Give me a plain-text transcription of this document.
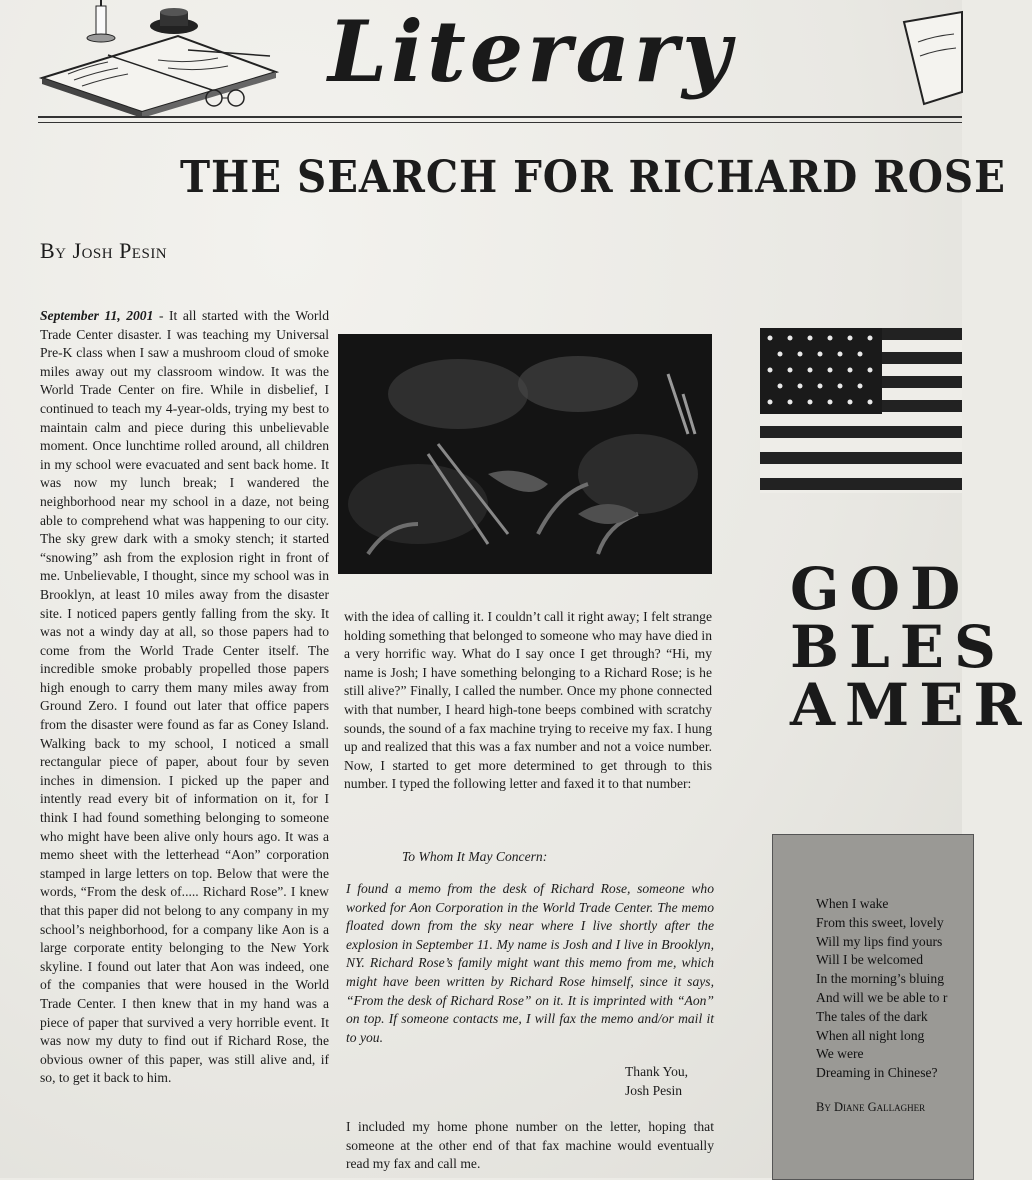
Literary
THE SEARCH FOR RICHARD ROSE
By Josh Pesin
September 11, 2001 - It all started with the World Trade Center disaster. I was teaching my Universal Pre-K class when I saw a mushroom cloud of smoke miles away out my classroom window. It was the World Trade Center on fire. While in disbelief, I continued to teach my 4-year-olds, trying my best to maintain calm and piece during this unbelievable moment. Once lunchtime rolled around, all children in my school were evacuated and sent back home. It was now my lunch break; I wandered the neighborhood near my school in a daze, not being able to comprehend what was happening to our city. The sky grew dark with a smoky stench; it started “snowing” ash from the explosion right in front of me. Unbelievable, I thought, since my school was in Brooklyn, at least 10 miles away from the disaster site. I noticed papers gently falling from the sky. It was not a windy day at all, so those papers had to come from the World Trade Center itself. The incredible smoke probably propelled those papers high enough to carry them many miles away from Ground Zero. I found out later that office papers from the disaster were found as far as Coney Island. Walking back to my school, I noticed a small rectangular piece of paper, about four by seven inches in dimension. I picked up the paper and intently read every bit of information on it, for I think I had found something belonging to someone who might have been alive only hours ago. It was a memo sheet with the letterhead “Aon” corporation stamped in large letters on top. Below that were the words, “From the desk of..... Richard Rose”. I knew that this paper did not belong to any company in my school’s neighborhood, for a company like Aon is a large corporate entity belonging to the New York skyline. I found out later that Aon was indeed, one of the companies that were housed in the World Trade Center. I then knew that in my hand was a piece of paper that survived a very horrible event. It was now my duty to find out if Richard Rose, the obvious owner of this paper, was still alive and, if so, to get it back to him.
with the idea of calling it. I couldn’t call it right away; I felt strange holding something that belonged to someone who may have died in a very horrific way. What do I say once I get through? “Hi, my name is Josh; I have something belonging to a Richard Rose; is he still alive?” Finally, I called the number. Once my phone connected with that number, I heard high-tone beeps combined with scratchy sounds, the sound of a fax machine trying to receive my fax. I hung up and realized that this was a fax number and not a voice number. Now, I started to get more determined to get through to this number. I typed the following letter and faxed it to that number:
To Whom It May Concern:
I found a memo from the desk of Richard Rose, someone who worked for Aon Corporation in the World Trade Center. The memo floated down from the sky near where I live shortly after the explosion in September 11. My name is Josh and I live in Brooklyn, NY. Richard Rose’s family might want this memo from me, which might have been written by Richard Rose himself, since it says, “From the desk of Richard Rose” on it. It is imprinted with “Aon” on top. If someone contacts me, I will fax the memo and/or mail it to you.
Thank You,
Josh Pesin
I included my home phone number on the letter, hoping that someone at the other end of that fax machine would eventually read my fax and call me.
GOD
BLES
AMER
When I wake
From this sweet, lovely
Will my lips find yours
Will I be welcomed
In the morning’s bluing
And will we be able to r
The tales of the dark
When all night long
We were
Dreaming in Chinese?
By Diane Gallagher
